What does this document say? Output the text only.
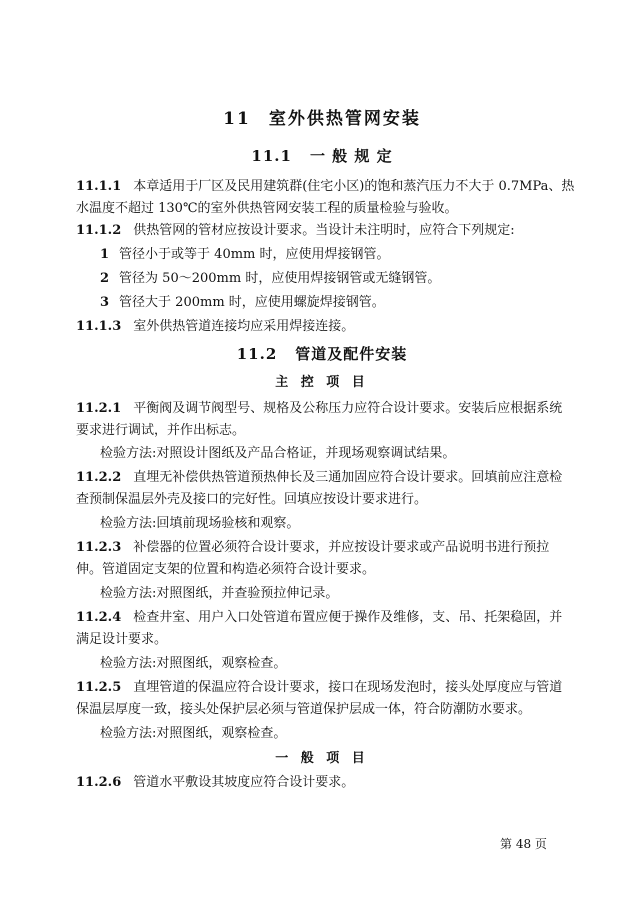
11 室外供热管网安装
11.1 一 般 规 定
11.1.1 本章适用于厂区及民用建筑群(住宅小区)的饱和蒸汽压力不大于 0.7MPa、热
水温度不超过 130℃的室外供热管网安装工程的质量检验与验收。
11.1.2 供热管网的管材应按设计要求。当设计未注明时，应符合下列规定:
1 管径小于或等于 40mm 时，应使用焊接钢管。
2 管径为 50～200mm 时，应使用焊接钢管或无缝钢管。
3 管径大于 200mm 时，应使用螺旋焊接钢管。
11.1.3 室外供热管道连接均应采用焊接连接。
11.2 管道及配件安装
主 控 项 目
11.2.1 平衡阀及调节阀型号、规格及公称压力应符合设计要求。安装后应根据系统
要求进行调试，并作出标志。
检验方法:对照设计图纸及产品合格证，并现场观察调试结果。
11.2.2 直埋无补偿供热管道预热伸长及三通加固应符合设计要求。回填前应注意检
查预制保温层外壳及接口的完好性。回填应按设计要求进行。
检验方法:回填前现场验核和观察。
11.2.3 补偿器的位置必须符合设计要求，并应按设计要求或产品说明书进行预拉
伸。管道固定支架的位置和构造必须符合设计要求。
检验方法:对照图纸，并查验预拉伸记录。
11.2.4 检查井室、用户入口处管道布置应便于操作及维修，支、吊、托架稳固，并
满足设计要求。
检验方法:对照图纸，观察检查。
11.2.5 直埋管道的保温应符合设计要求，接口在现场发泡时，接头处厚度应与管道
保温层厚度一致，接头处保护层必须与管道保护层成一体，符合防潮防水要求。
检验方法:对照图纸，观察检查。
一 般 项 目
11.2.6 管道水平敷设其坡度应符合设计要求。
第 48 页
